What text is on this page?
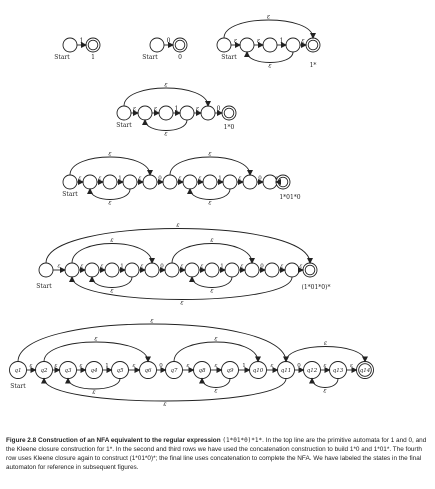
1
Start	1
0
Start	0
ε	ε	1	ε
ε
ε
Start
1*
ε	ε	1	ε	0
ε
ε
Start	1*0
ε	ε	1	ε	0	ε	ε	1	ε	0 ε
ε
ε
ε
ε
Start	1*01*0
ε	ε	ε	1	ε	0	ε	ε	1	ε	0	ε	ε
ε
ε
ε
ε
ε
ε
Start	(1*01*0)*
q1	q2	q3	q4	q5	q6	q7	q8	q9	q10	q11	q12	q13	q14
ε	ε	ε	1	ε	0	ε	ε	1	ε	0	ε	ε
ε
ε
ε
ε
ε
ε
ε
ε
Start
Figure 2.8 Construction of an NFA equivalent to the regular expression (1*01*0)*1*. In the top line are the primitive automata for 1 and 0, and the Kleene closure construction for 1*. In the second and third rows we have used the concatenation construction to build 1*0 and 1*01*. The fourth row uses Kleene closure again to construct (1*01*0)*; the final line uses concatenation to complete the NFA. We have labeled the states in the final automaton for reference in subsequent figures.
